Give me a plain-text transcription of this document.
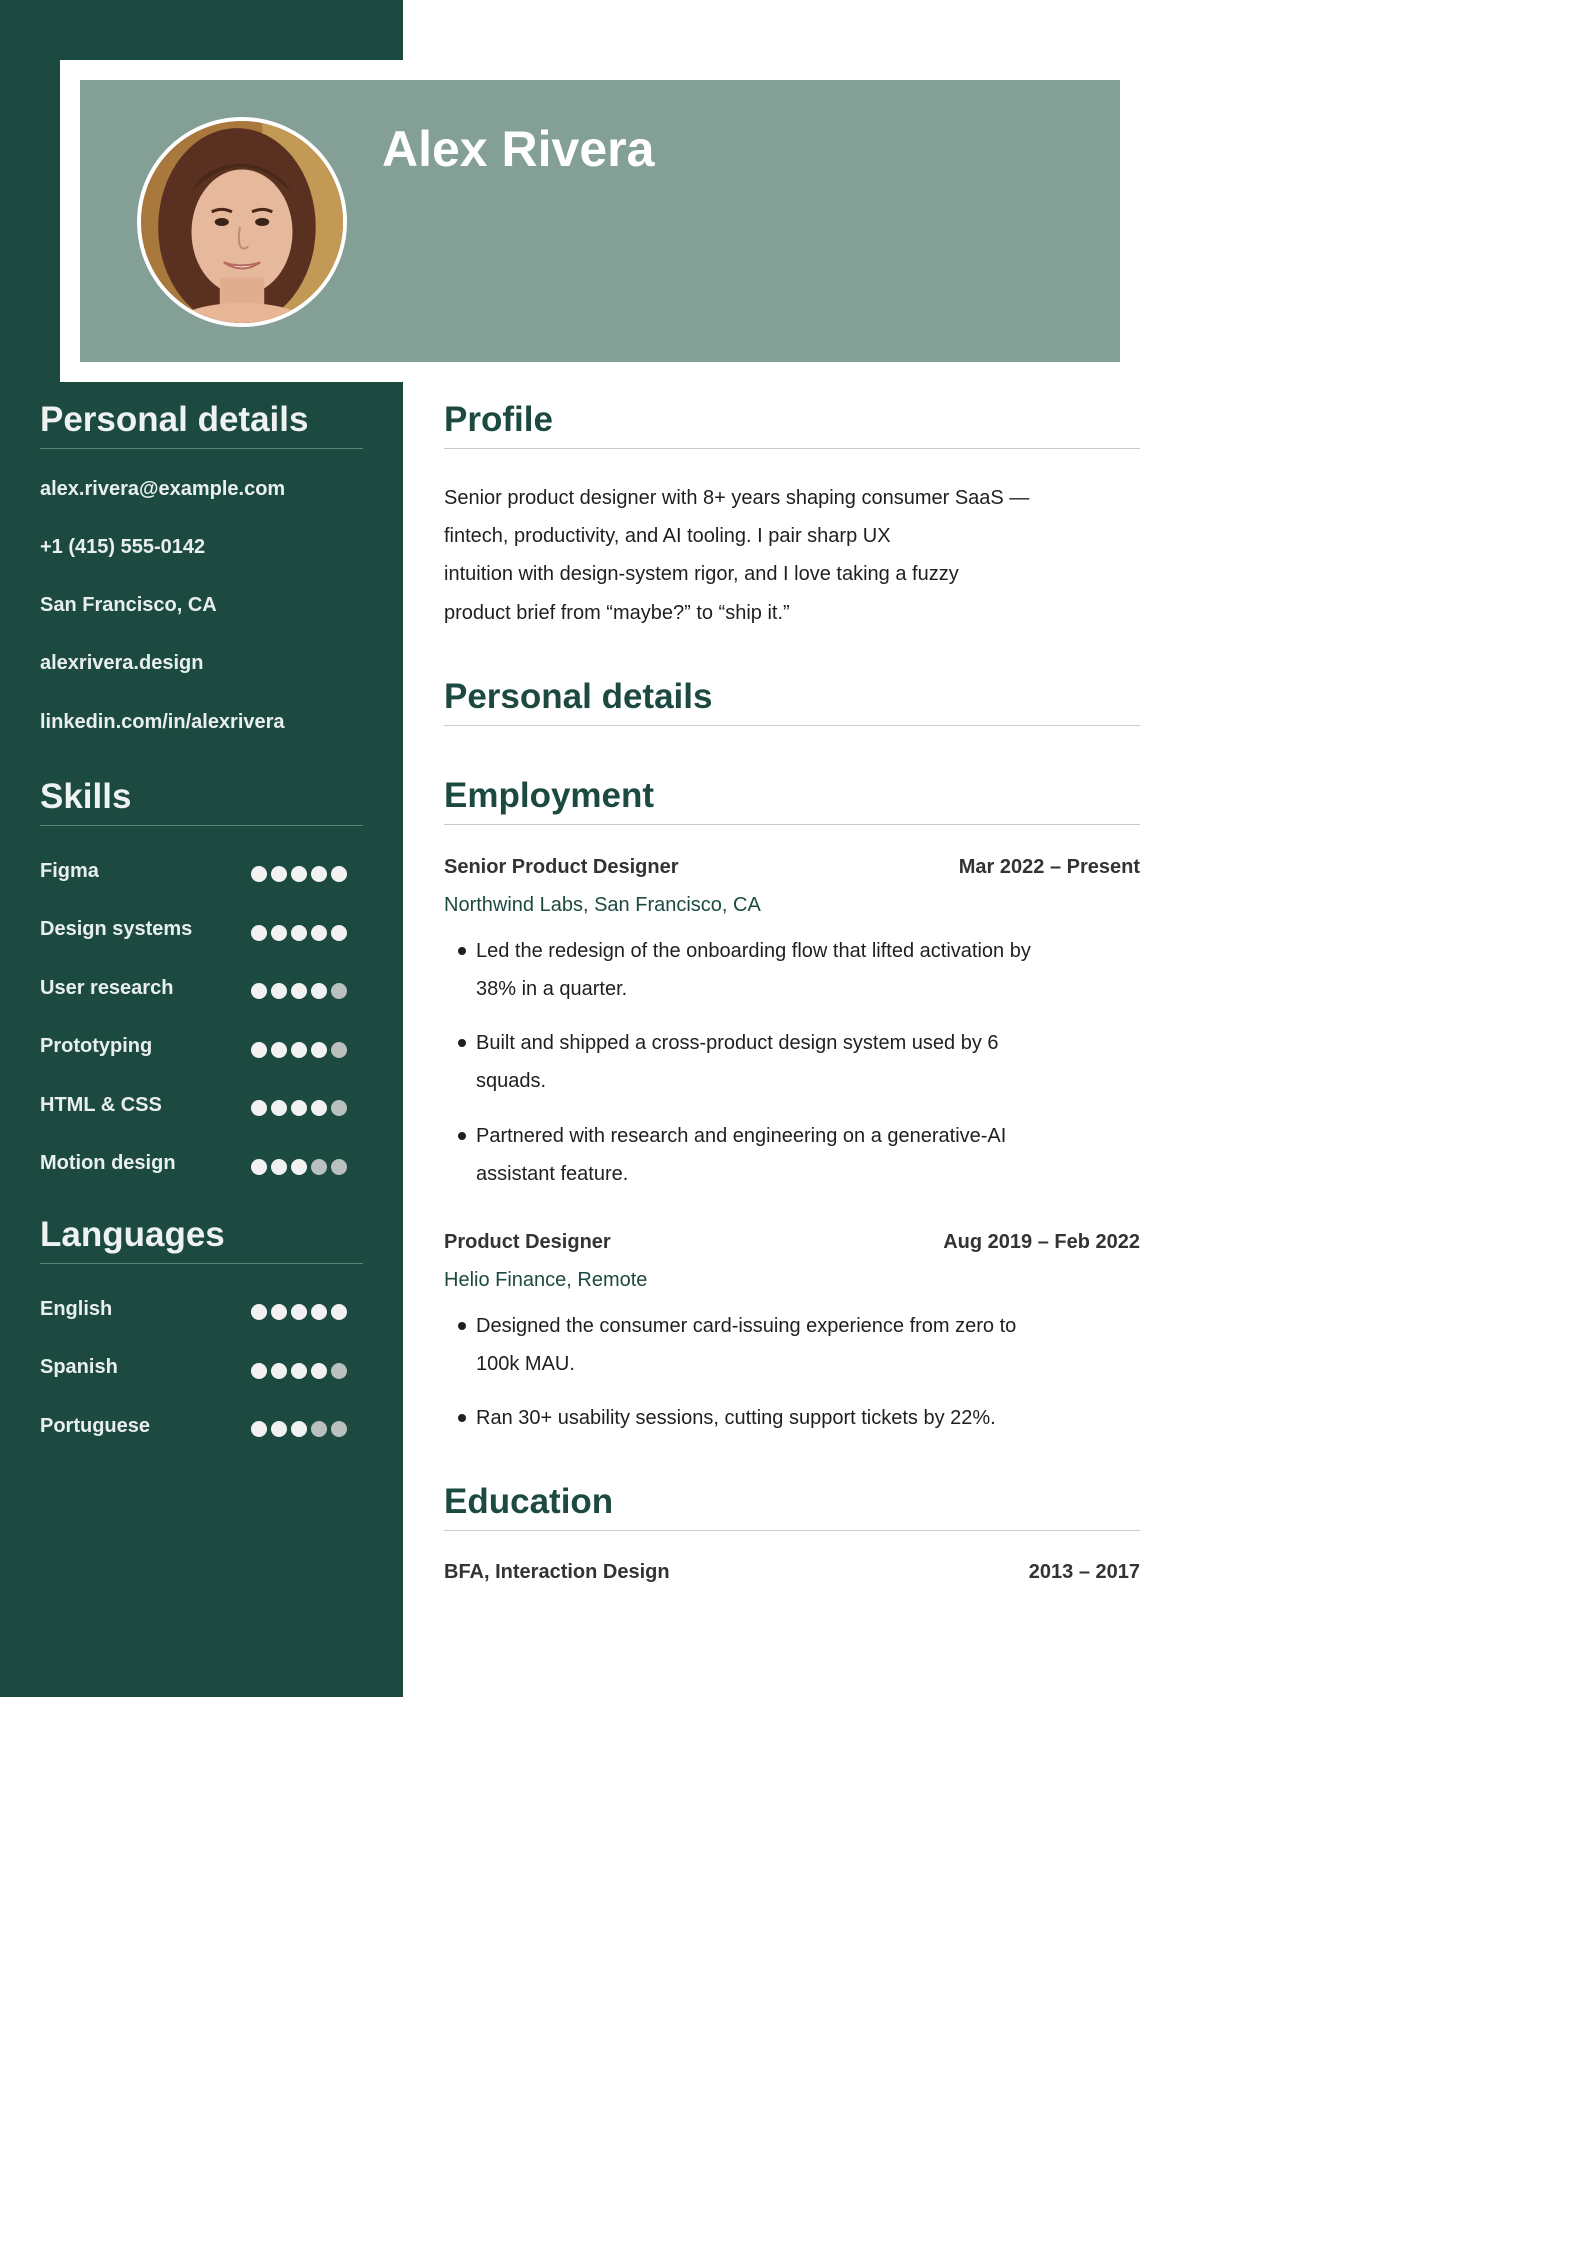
Alex Rivera
Personal details
alex.rivera@example.com
+1 (415) 555-0142
San Francisco, CA
alexrivera.design
linkedin.com/in/alexrivera
Skills
Figma
Design systems
User research
Prototyping
HTML & CSS
Motion design
Languages
English
Spanish
Portuguese
Profile
Senior product designer with 8+ years shaping consumer SaaS —
fintech, productivity, and AI tooling. I pair sharp UX
intuition with design-system rigor, and I love taking a fuzzy
product brief from “maybe?” to “ship it.”
Personal details
Employment
Senior Product Designer	Mar 2022 – Present
Northwind Labs, San Francisco, CA
Led the redesign of the onboarding flow that lifted activation by 38% in a quarter.
Built and shipped a cross-product design system used by 6 squads.
Partnered with research and engineering on a generative-AI assistant feature.
Product Designer	Aug 2019 – Feb 2022
Helio Finance, Remote
Designed the consumer card-issuing experience from zero to 100k MAU.
Ran 30+ usability sessions, cutting support tickets by 22%.
Education
BFA, Interaction Design	2013 – 2017
